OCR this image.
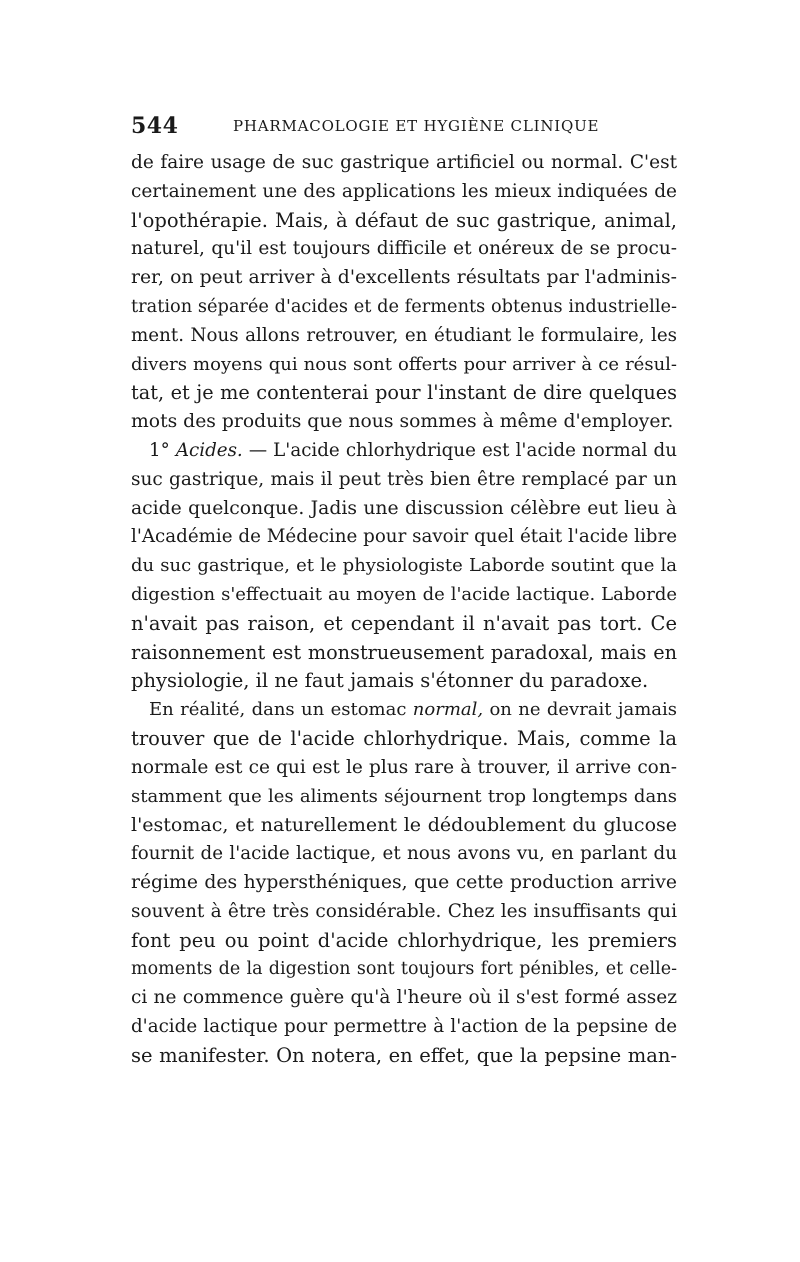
544	PHARMACOLOGIE ET HYGIÈNE CLINIQUE
de faire usage de suc gastrique artificiel ou normal. C'est
certainement une des applications les mieux indiquées de
l'opothérapie. Mais, à défaut de suc gastrique, animal,
naturel, qu'il est toujours difficile et onéreux de se procu-
rer, on peut arriver à d'excellents résultats par l'adminis-
tration séparée d'acides et de ferments obtenus industrielle-
ment. Nous allons retrouver, en étudiant le formulaire, les
divers moyens qui nous sont offerts pour arriver à ce résul-
tat, et je me contenterai pour l'instant de dire quelques
mots des produits que nous sommes à même d'employer.
1° Acides. — L'acide chlorhydrique est l'acide normal du
suc gastrique, mais il peut très bien être remplacé par un
acide quelconque. Jadis une discussion célèbre eut lieu à
l'Académie de Médecine pour savoir quel était l'acide libre
du suc gastrique, et le physiologiste Laborde soutint que la
digestion s'effectuait au moyen de l'acide lactique. Laborde
n'avait pas raison, et cependant il n'avait pas tort. Ce
raisonnement est monstrueusement paradoxal, mais en
physiologie, il ne faut jamais s'étonner du paradoxe.
En réalité, dans un estomac normal, on ne devrait jamais
trouver que de l'acide chlorhydrique. Mais, comme la
normale est ce qui est le plus rare à trouver, il arrive con-
stamment que les aliments séjournent trop longtemps dans
l'estomac, et naturellement le dédoublement du glucose
fournit de l'acide lactique, et nous avons vu, en parlant du
régime des hypersthéniques, que cette production arrive
souvent à être très considérable. Chez les insuffisants qui
font peu ou point d'acide chlorhydrique, les premiers
moments de la digestion sont toujours fort pénibles, et celle-
ci ne commence guère qu'à l'heure où il s'est formé assez
d'acide lactique pour permettre à l'action de la pepsine de
se manifester. On notera, en effet, que la pepsine man-
